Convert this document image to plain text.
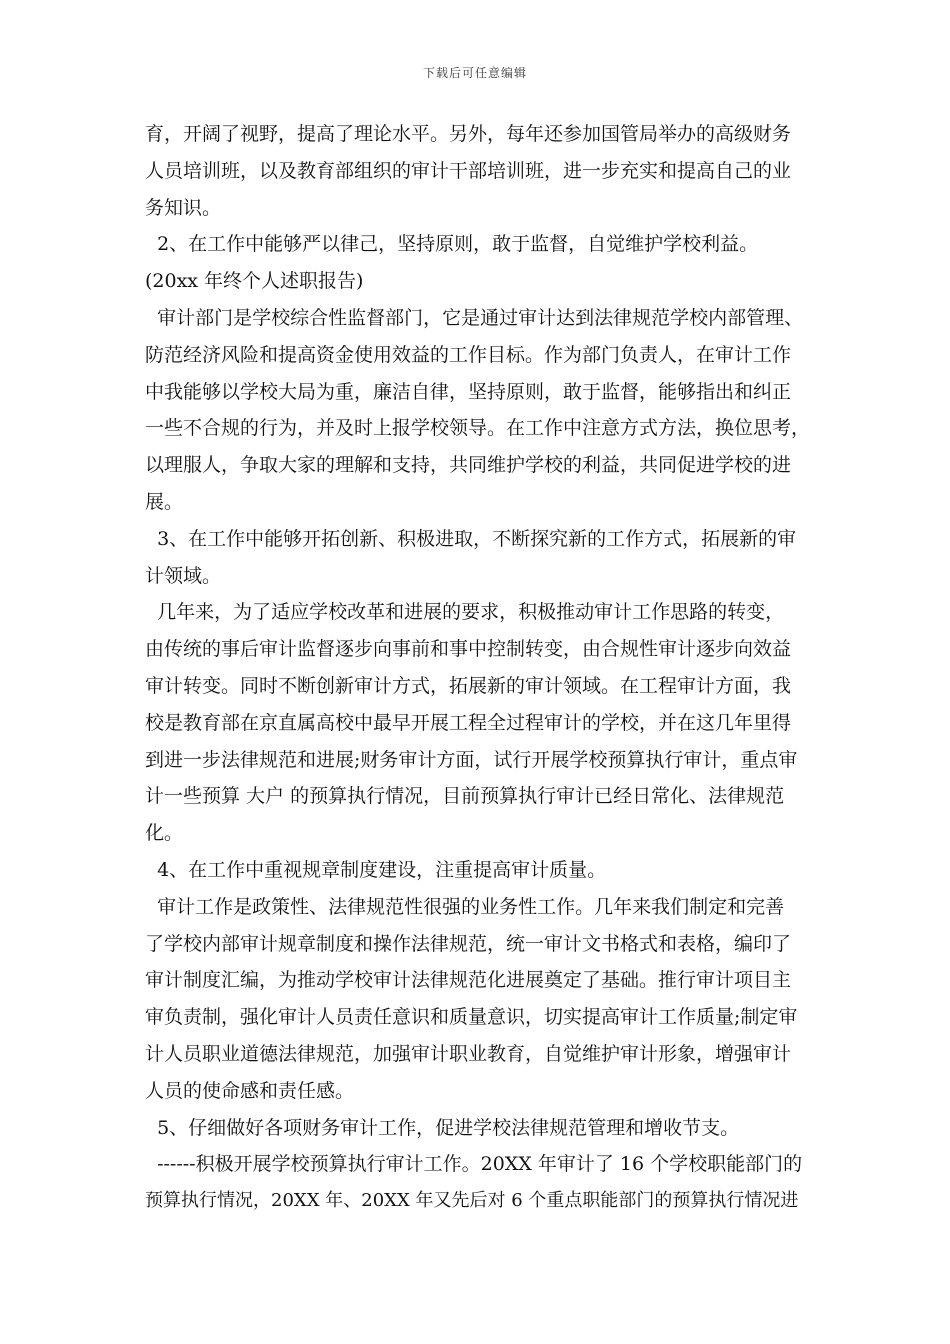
下载后可任意编辑
育，开阔了视野，提高了理论水平。另外，每年还参加国管局举办的高级财务
人员培训班，以及教育部组织的审计干部培训班，进一步充实和提高自己的业
务知识。
2、在工作中能够严以律己，坚持原则，敢于监督，自觉维护学校利益。
(20xx 年终个人述职报告)
审计部门是学校综合性监督部门，它是通过审计达到法律规范学校内部管理、
防范经济风险和提高资金使用效益的工作目标。作为部门负责人，在审计工作
中我能够以学校大局为重，廉洁自律，坚持原则，敢于监督，能够指出和纠正
一些不合规的行为，并及时上报学校领导。在工作中注意方式方法，换位思考，
以理服人，争取大家的理解和支持，共同维护学校的利益，共同促进学校的进
展。
3、在工作中能够开拓创新、积极进取，不断探究新的工作方式，拓展新的审
计领域。
几年来，为了适应学校改革和进展的要求，积极推动审计工作思路的转变，
由传统的事后审计监督逐步向事前和事中控制转变，由合规性审计逐步向效益
审计转变。同时不断创新审计方式，拓展新的审计领域。在工程审计方面，我
校是教育部在京直属高校中最早开展工程全过程审计的学校，并在这几年里得
到进一步法律规范和进展;财务审计方面，试行开展学校预算执行审计，重点审
计一些预算 大户 的预算执行情况，目前预算执行审计已经日常化、法律规范
化。
4、在工作中重视规章制度建设，注重提高审计质量。
审计工作是政策性、法律规范性很强的业务性工作。几年来我们制定和完善
了学校内部审计规章制度和操作法律规范，统一审计文书格式和表格，编印了
审计制度汇编，为推动学校审计法律规范化进展奠定了基础。推行审计项目主
审负责制，强化审计人员责任意识和质量意识，切实提高审计工作质量;制定审
计人员职业道德法律规范，加强审计职业教育，自觉维护审计形象，增强审计
人员的使命感和责任感。
5、仔细做好各项财务审计工作，促进学校法律规范管理和增收节支。
------积极开展学校预算执行审计工作。20XX 年审计了 16 个学校职能部门的
预算执行情况，20XX 年、20XX 年又先后对 6 个重点职能部门的预算执行情况进
